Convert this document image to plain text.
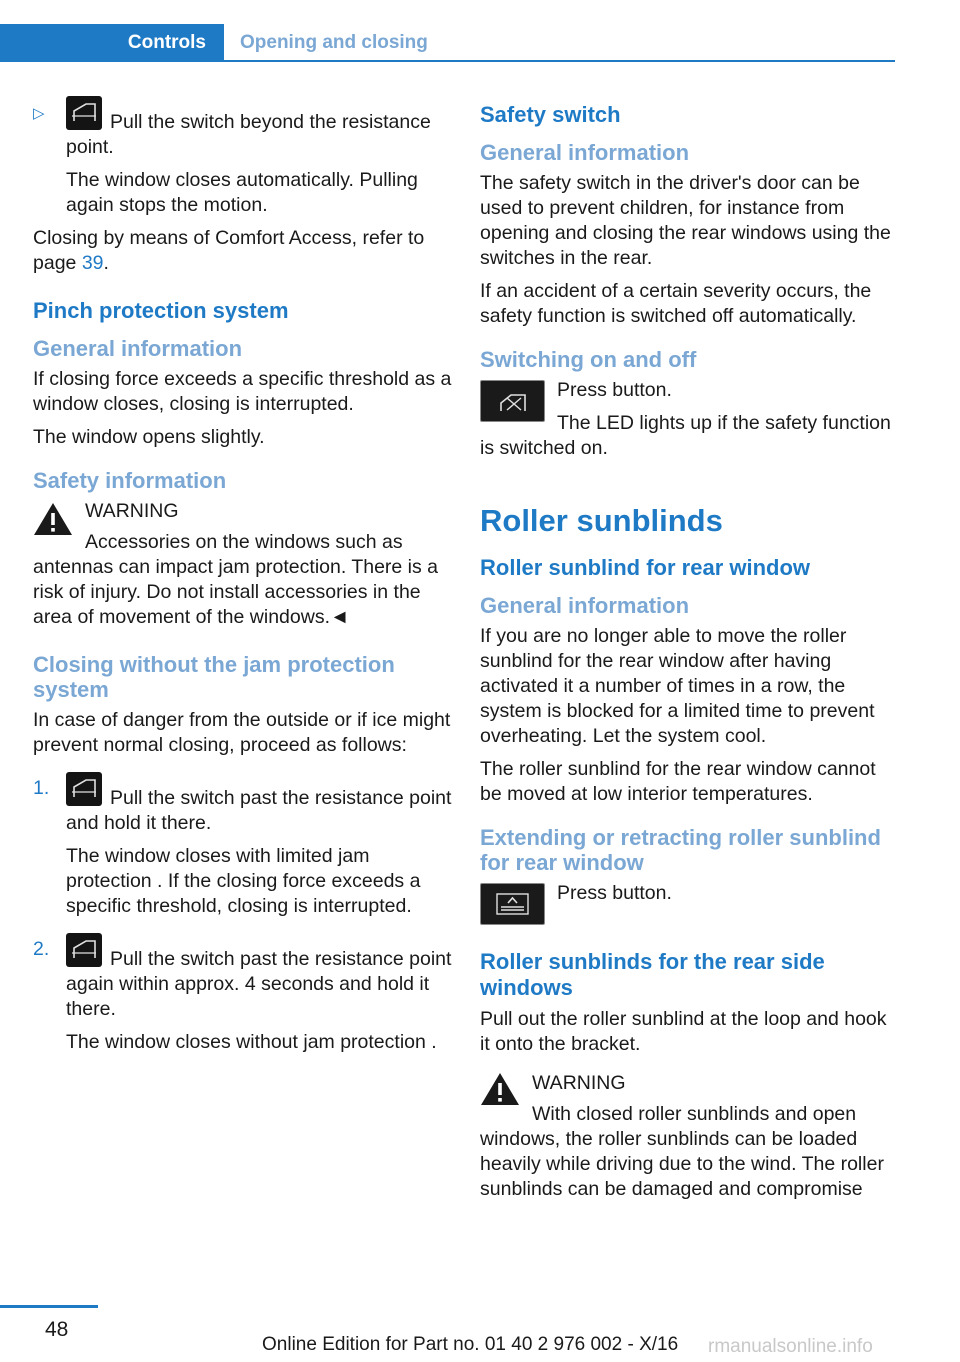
Controls Opening and closing
▷	Pull the switch beyond the resistance point.

The window closes automatically. Pulling again stops the motion.

Closing by means of Comfort Access, refer to page 39.

Pinch protection system
General information

If closing force exceeds a specific threshold as a window closes, closing is interrupted.

The window opens slightly.

Safety information

WARNING

Accessories on the windows such as antennas can impact jam protection. There is a risk of injury. Do not install accessories in the area of movement of the windows.◄

Closing without the jam protection system

In case of danger from the outside or if ice might prevent normal closing, proceed as follows:

1.	Pull the switch past the resistance point and hold it there.

The window closes with limited jam protection . If the closing force exceeds a specific threshold, closing is interrupted.

2.	Pull the switch past the resistance point again within approx. 4 seconds and hold it there.

The window closes without jam protection .

Safety switch
General information

The safety switch in the driver's door can be used to prevent children, for instance from opening and closing the rear windows using the switches in the rear.

If an accident of a certain severity occurs, the safety function is switched off automatically.

Switching on and off

Press button.

The LED lights up if the safety function is switched on.

Roller sunblinds
Roller sunblind for rear window
General information

If you are no longer able to move the roller sunblind for the rear window after having activated it a number of times in a row, the system is blocked for a limited time to prevent overheating. Let the system cool.

The roller sunblind for the rear window cannot be moved at low interior temperatures.

Extending or retracting roller sunblind for rear window

Press button.

Roller sunblinds for the rear side windows

Pull out the roller sunblind at the loop and hook it onto the bracket.

WARNING

With closed roller sunblinds and open windows, the roller sunblinds can be loaded heavily while driving due to the wind. The roller sunblinds can be damaged and compromise

48
Online Edition for Part no. 01 40 2 976 002 - X/16 rmanualsonline.info
